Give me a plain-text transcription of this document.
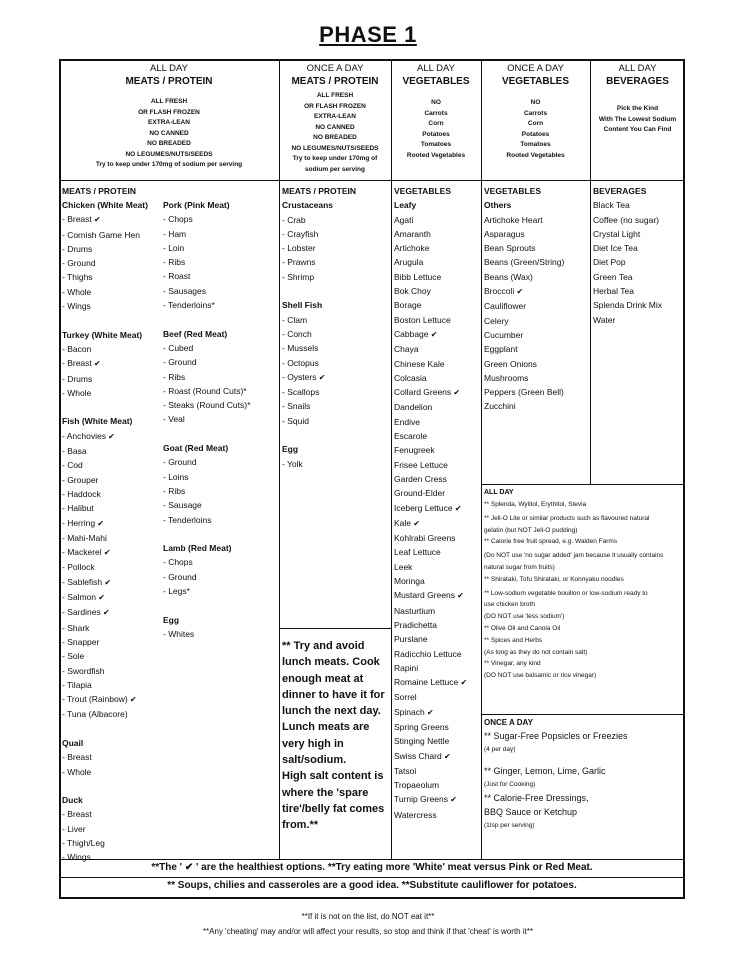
PHASE 1
ALL DAY
MEATS / PROTEIN
ALL FRESH
OR FLASH FROZEN
EXTRA-LEAN
NO CANNED
NO BREADED
NO LEGUMES/NUTS/SEEDS
Try to keep under 170mg of sodium per serving
ONCE A DAY
MEATS / PROTEIN
ALL FRESH
OR FLASH FROZEN
EXTRA-LEAN
NO CANNED
NO BREADED
NO LEGUMES/NUTS/SEEDS
Try to keep under 170mg of
sodium per serving
ALL DAY
VEGETABLES
NO
Carrots
Corn
Potatoes
Tomatoes
Rooted Vegetables
ONCE A DAY
VEGETABLES
NO
Carrots
Corn
Potatoes
Tomatoes
Rooted Vegetables
ALL DAY
BEVERAGES
Pick the Kind
With The Lowest Sodium
Content You Can Find
MEATS / PROTEIN
Chicken (White Meat)
- Breast ✔
- Cornish Game Hen
- Drums
- Ground
- Thighs
- Whole
- Wings
Turkey (White Meat)
- Bacon
- Breast ✔
- Drums
- Whole
Fish (White Meat)
- Anchovies ✔
- Basa
- Cod
- Grouper
- Haddock
- Halibut
- Herring ✔
- Mahi-Mahi
- Mackerel ✔
- Pollock
- Sablefish ✔
- Salmon ✔
- Sardines ✔
- Shark
- Snapper
- Sole
- Swordfish
- Tilapia
- Trout (Rainbow) ✔
- Tuna (Albacore)
Quail
- Breast
- Whole
Duck
- Breast
- Liver
- Thigh/Leg
- Wings
Pork (Pink Meat)
- Chops
- Ham
- Loin
- Ribs
- Roast
- Sausages
- Tenderloins*
Beef (Red Meat)
- Cubed
- Ground
- Ribs
- Roast (Round Cuts)*
- Steaks (Round Cuts)*
- Veal
Goat (Red Meat)
- Ground
- Loins
- Ribs
- Sausage
- Tenderloins
Lamb (Red Meat)
- Chops
- Ground
- Legs*
Egg
- Whites
MEATS / PROTEIN
Crustaceans
- Crab
- Crayfish
- Lobster
- Prawns
- Shrimp
Shell Fish
- Clam
- Conch
- Mussels
- Octopus
- Oysters ✔
- Scallops
- Snails
- Squid
Egg
- Yolk
** Try and avoid
lunch meats. Cook
enough meat at
dinner to have it for
lunch the next day.
Lunch meats are
very high in
salt/sodium.
High salt content is
where the 'spare
tire'/belly fat comes
from.**
VEGETABLES
Leafy
Agati
Amaranth
Artichoke
Arugula
Bibb Lettuce
Bok Choy
Borage
Boston Lettuce
Cabbage ✔
Chaya
Chinese Kale
Colcasia
Collard Greens ✔
Dandelion
Endive
Escarole
Fenugreek
Frisee Lettuce
Garden Cress
Ground-Elder
Iceberg Lettuce ✔
Kale ✔
Kohlrabi Greens
Leaf Lettuce
Leek
Moringa
Mustard Greens ✔
Nasturtium
Pradichetta
Purslane
Radicchio Lettuce
Rapini
Romaine Lettuce ✔
Sorrel
Spinach ✔
Spring Greens
Stinging Nettle
Swiss Chard ✔
Tatsoi
Tropaeolum
Turnip Greens ✔
Watercress
VEGETABLES
Others
Artichoke Heart
Asparagus
Bean Sprouts
Beans (Green/String)
Beans (Wax)
Broccoli ✔
Cauliflower
Celery
Cucumber
Eggplant
Green Onions
Mushrooms
Peppers (Green Bell)
Zucchini
BEVERAGES
Black Tea
Coffee (no sugar)
Crystal Light
Diet Ice Tea
Diet Pop
Green Tea
Herbal Tea
Splenda Drink Mix
Water
ALL DAY
** Splenda, Wylitol, Erythitol, Stevia
** Jell-O Lite or similar products such as flavoured natural
gelatin (but NOT Jell-O pudding)
** Calorie free fruit spread, e.g. Walden Farms
(Do NOT use 'no sugar added' jam because it usually contains
natural sugar from fruits)
** Shirataki, Tofu Shirataki, or Konnyaku noodles
** Low-sodium vegetable bouillon or low-sodium ready to
use chicken broth
(DO NOT use 'less sodium')
** Olive Oil and Canola Oil
** Spices and Herbs
(As long as they do not contain salt)
** Vinegar, any kind
(DO NOT use balsamic or rice vinegar)
ONCE A DAY
** Sugar-Free Popsicles or Freezies
(4 per day)
** Ginger, Lemon, Lime, Garlic
(Just for Cooking)
** Calorie-Free Dressings,
BBQ Sauce or Ketchup
(1tsp per serving)
**The ' ✔ ' are the healthiest options. **Try eating more 'White' meat versus Pink or Red Meat.
** Soups, chilies and casseroles are a good idea. **Substitute cauliflower for potatoes.
**If it is not on the list, do NOT eat it**
**Any 'cheating' may and/or will affect your results, so stop and think if that 'cheat' is worth it**
